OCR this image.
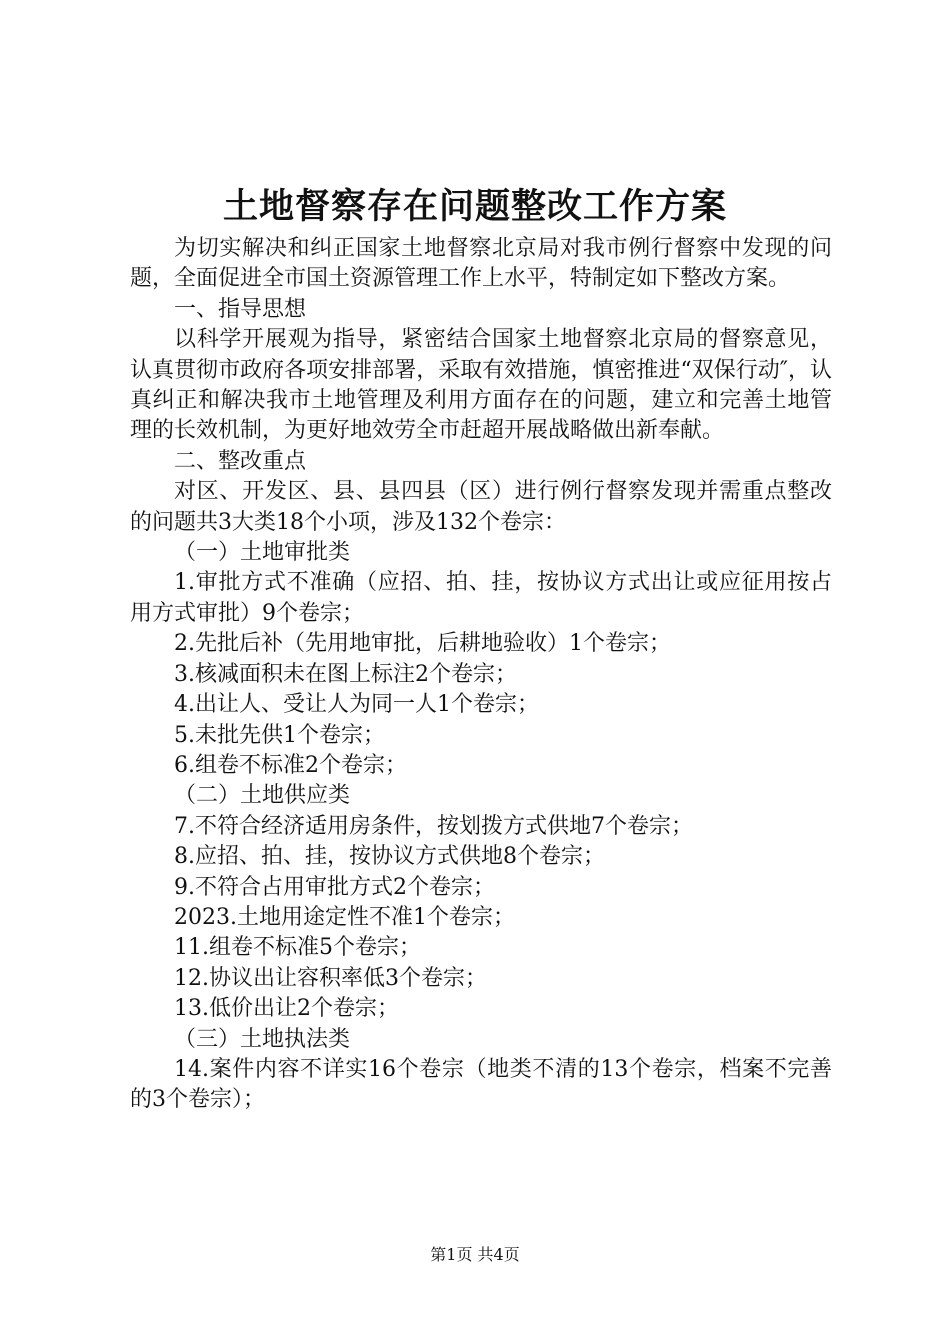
土地督察存在问题整改工作方案

为切实解决和纠正国家土地督察北京局对我市例行督察中发现的问题，全面促进全市国土资源管理工作上水平，特制定如下整改方案。

一、指导思想

以科学开展观为指导，紧密结合国家土地督察北京局的督察意见，认真贯彻市政府各项安排部署，采取有效措施，慎密推进“双保行动″，认真纠正和解决我市土地管理及利用方面存在的问题，建立和完善土地管理的长效机制，为更好地效劳全市赶超开展战略做出新奉献。

二、整改重点

对区、开发区、县、县四县（区）进行例行督察发现并需重点整改的问题共3大类18个小项，涉及132个卷宗：

（一）土地审批类

1.审批方式不准确（应招、拍、挂，按协议方式出让或应征用按占用方式审批）9个卷宗；

2.先批后补（先用地审批，后耕地验收）1个卷宗；

3.核减面积未在图上标注2个卷宗；

4.出让人、受让人为同一人1个卷宗；

5.未批先供1个卷宗；

6.组卷不标准2个卷宗；

（二）土地供应类

7.不符合经济适用房条件，按划拨方式供地7个卷宗；

8.应招、拍、挂，按协议方式供地8个卷宗；

9.不符合占用审批方式2个卷宗；

2023.土地用途定性不准1个卷宗；

11.组卷不标准5个卷宗；

12.协议出让容积率低3个卷宗；

13.低价出让2个卷宗；

（三）土地执法类

14.案件内容不详实16个卷宗（地类不清的13个卷宗，档案不完善的3个卷宗）；

第1页 共4页
